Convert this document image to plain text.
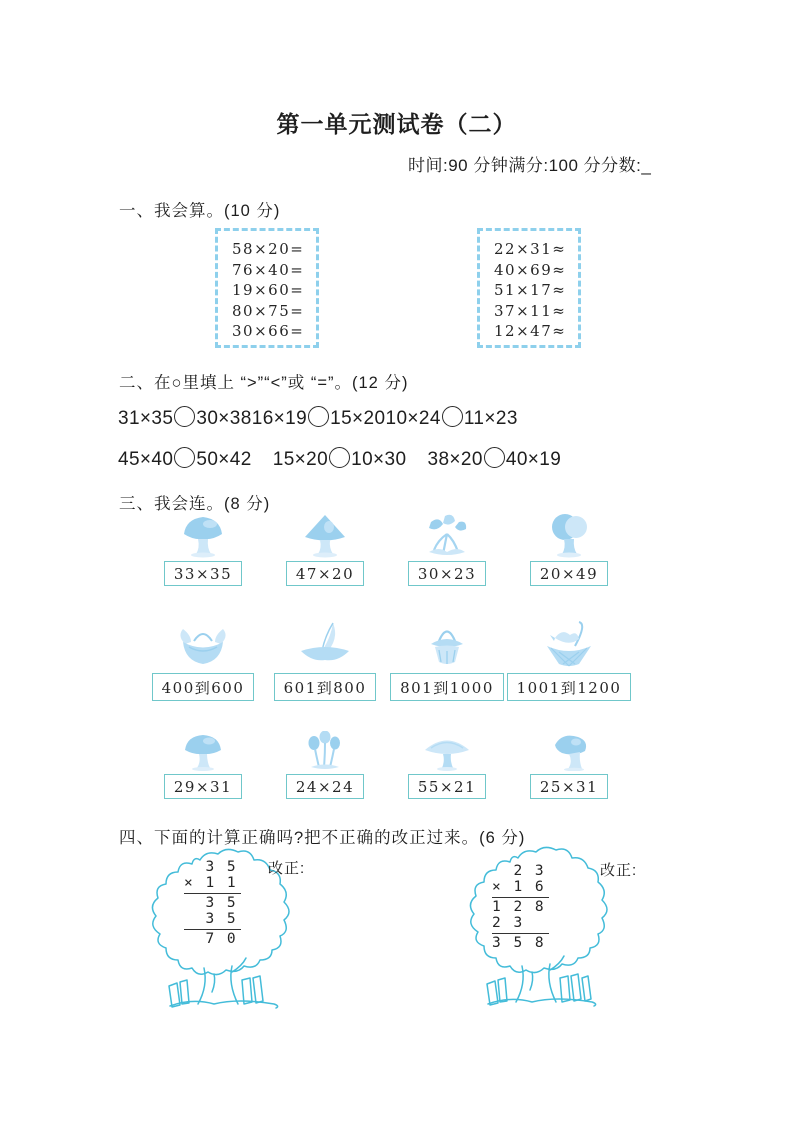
第一单元测试卷（二）
时间:90 分钟满分:100 分分数:_
一、我会算。(10 分)
58×20=
76×40=
19×60=
80×75=
30×66=
22×31≈
40×69≈
51×17≈
37×11≈
12×47≈
二、在○里填上 “>”“<”或 “=”。(12 分)
31×35 30×3816×19 15×2010×24 11×23
45×40 50×42 15×20 10×30 38×20 40×19
三、我会连。(8 分)
33×35	47×20	30×23	20×49
400到600	601到800	801到1000	1001到1200
29×31	24×24	55×21	25×31
四、下面的计算正确吗?把不正确的改正过来。(6 分)
3 5
× 1 1
3 5
3 5
7 0
2 3
× 1 6
1 2 8
2 3
3 5 8
改正:	改正:
